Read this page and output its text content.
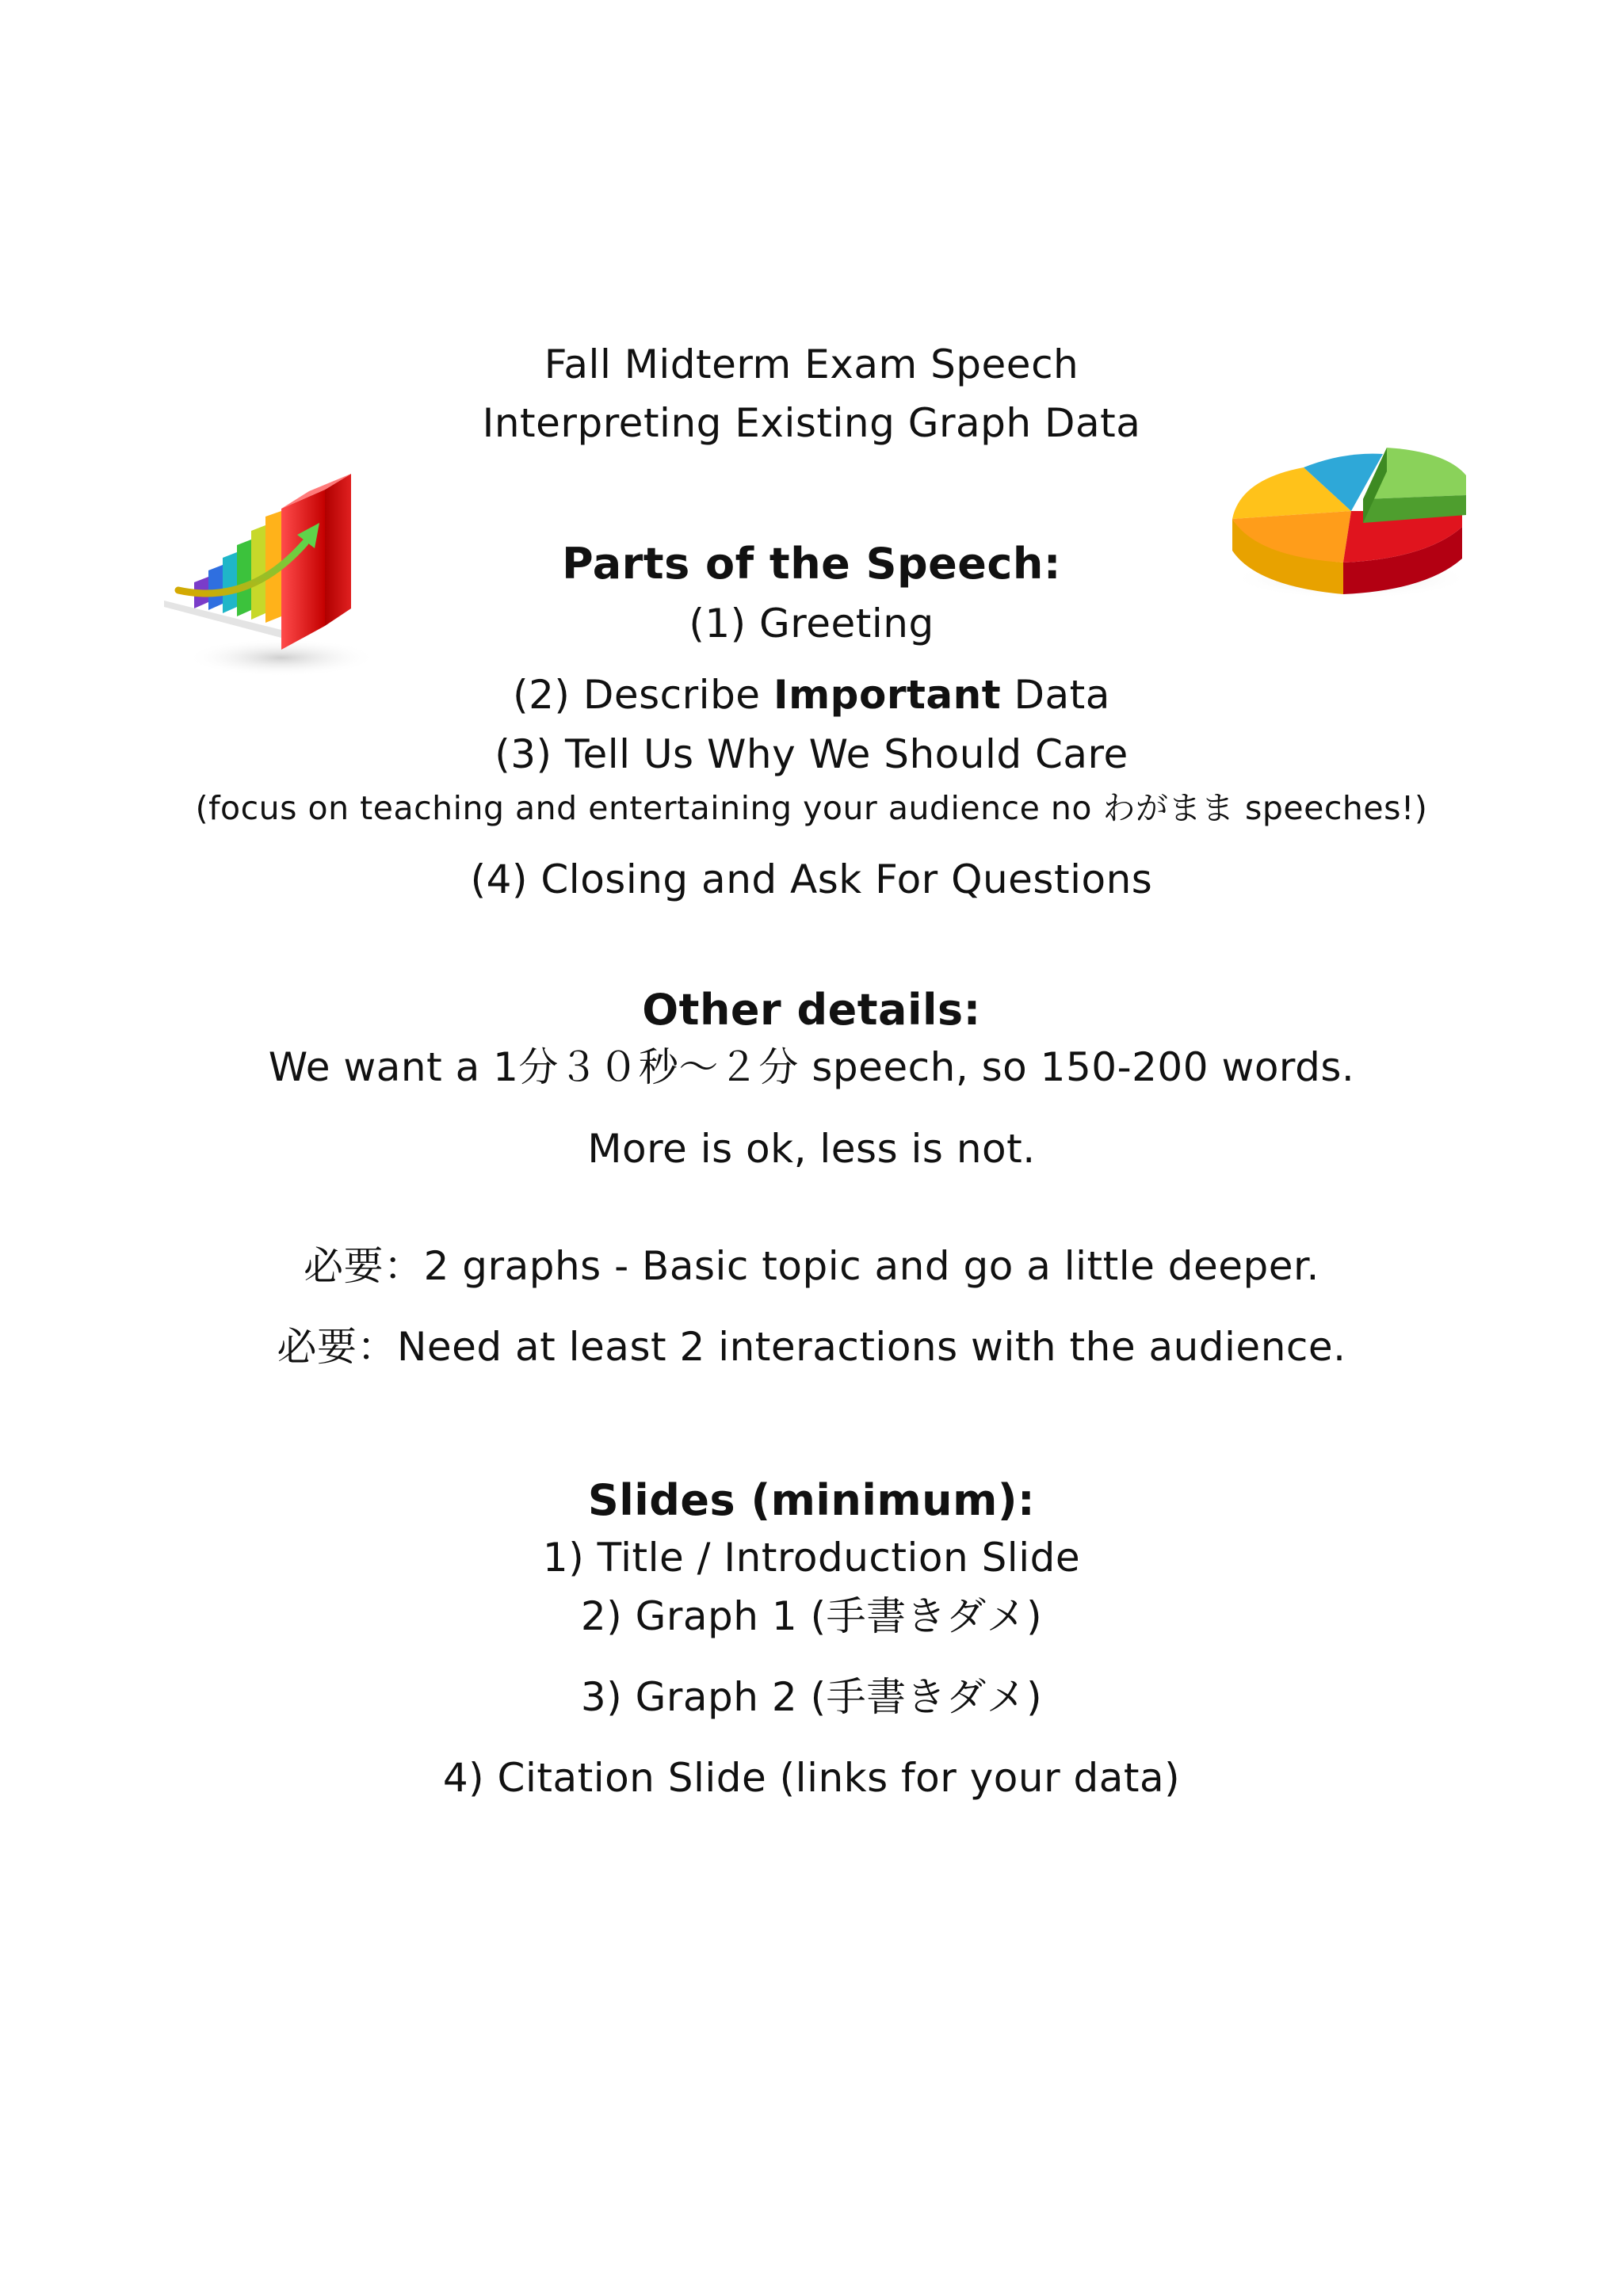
Fall Midterm Exam Speech
Interpreting Existing Graph Data
Parts of the Speech:
(1) Greeting
(2) Describe Important Data
(3) Tell Us Why We Should Care
(focus on teaching and entertaining your audience no わがまま speeches!)
(4) Closing and Ask For Questions
Other details:
We want a 1分３０秒〜２分 speech, so 150-200 words.
More is ok, less is not.
必要：2 graphs - Basic topic and go a little deeper.
必要：Need at least 2 interactions with the audience.
Slides (minimum):
1) Title / Introduction Slide
2) Graph 1 (手書きダメ)
3) Graph 2 (手書きダメ)
4) Citation Slide (links for your data)
